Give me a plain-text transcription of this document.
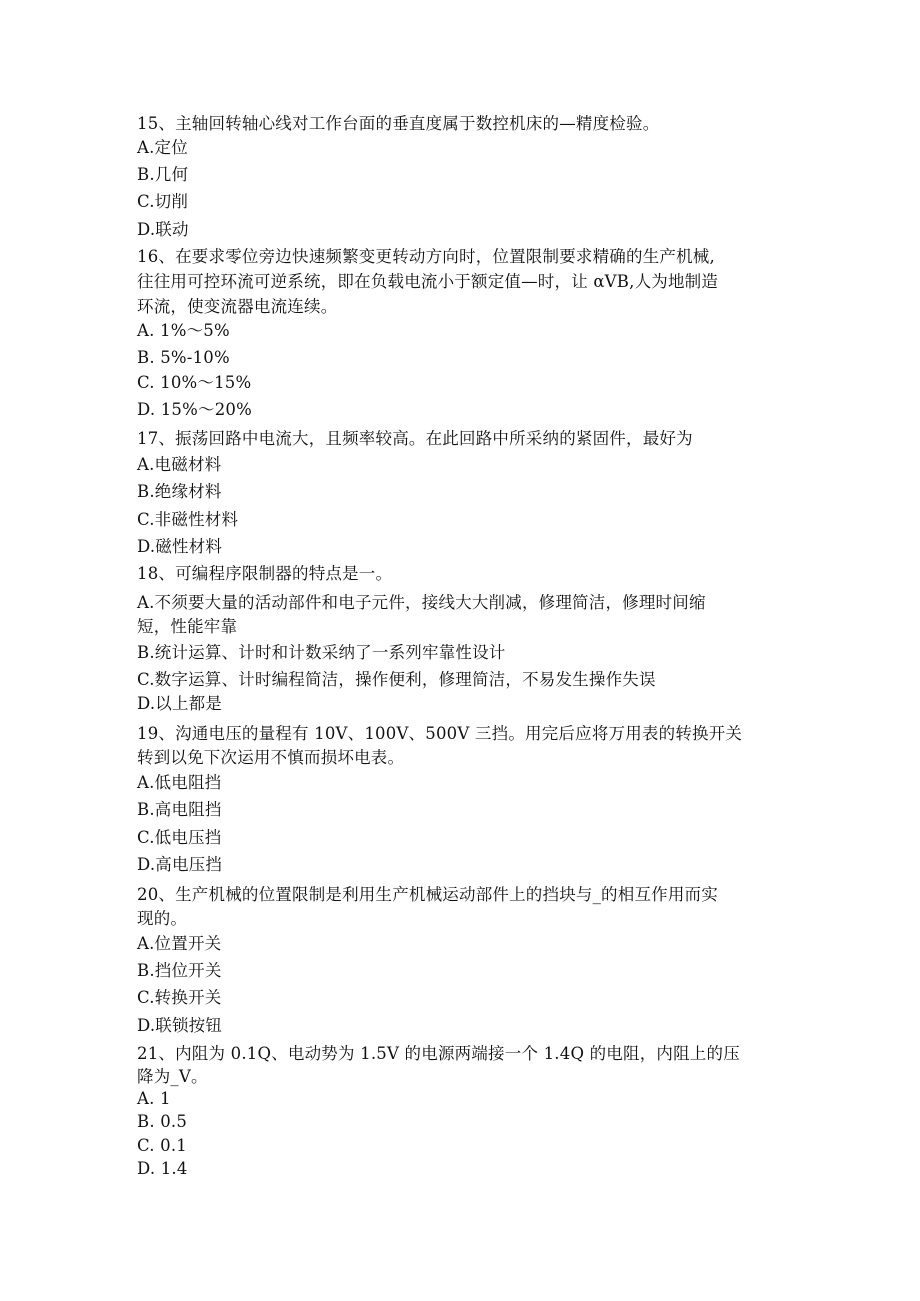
15、主轴回转轴心线对工作台面的垂直度属于数控机床的—精度检验。
A.定位
B.几何
C.切削
D.联动
16、在要求零位旁边快速频繁变更转动方向时，位置限制要求精确的生产机械,
往往用可控环流可逆系统，即在负载电流小于额定值—时，让 αVB,人为地制造
环流，使变流器电流连续。
A. 1%～5%
B. 5%-10%
C. 10%～15%
D. 15%～20%
17、振荡回路中电流大，且频率较高。在此回路中所采纳的紧固件，最好为
A.电磁材料
B.绝缘材料
C.非磁性材料
D.磁性材料
18、可编程序限制器的特点是一。
A.不须要大量的活动部件和电子元件，接线大大削减，修理简洁，修理时间缩
短，性能牢靠
B.统计运算、计时和计数采纳了一系列牢靠性设计
C.数字运算、计时编程简洁，操作便利，修理简洁，不易发生操作失误
D.以上都是
19、沟通电压的量程有 10V、100V、500V 三挡。用完后应将万用表的转换开关
转到以免下次运用不慎而损坏电表。
A.低电阻挡
B.高电阻挡
C.低电压挡
D.高电压挡
20、生产机械的位置限制是利用生产机械运动部件上的挡块与_的相互作用而实
现的。
A.位置开关
B.挡位开关
C.转换开关
D.联锁按钮
21、内阻为 0.1Q、电动势为 1.5V 的电源两端接一个 1.4Q 的电阻，内阻上的压
降为_V。
A. 1
B. 0.5
C. 0.1
D. 1.4
